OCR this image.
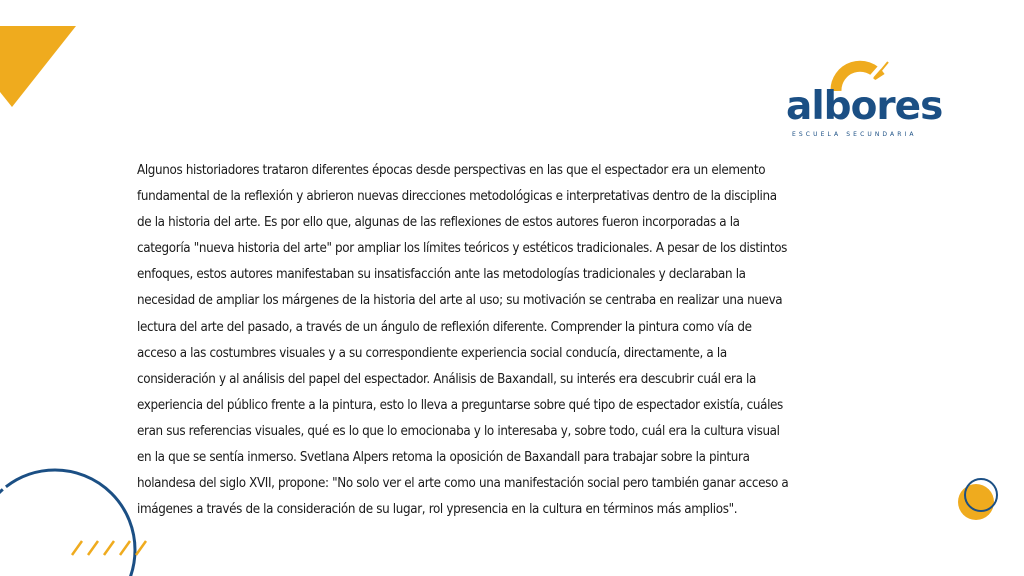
albores
ESCUELA SECUNDARIA

Algunos historiadores trataron diferentes épocas desde perspectivas en las que el espectador era un elemento fundamental de la reflexión y abrieron nuevas direcciones metodológicas e interpretativas dentro de la disciplina de la historia del arte. Es por ello que, algunas de las reflexiones de estos autores fueron incorporadas a la categoría "nueva historia del arte" por ampliar los límites teóricos y estéticos tradicionales. A pesar de los distintos enfoques, estos autores manifestaban su insatisfacción ante las metodologías tradicionales y declaraban la necesidad de ampliar los márgenes de la historia del arte al uso; su motivación se centraba en realizar una nueva lectura del arte del pasado, a través de un ángulo de reflexión diferente. Comprender la pintura como vía de acceso a las costumbres visuales y a su correspondiente experiencia social conducía, directamente, a la consideración y al análisis del papel del espectador. Análisis de Baxandall, su interés era descubrir cuál era la experiencia del público frente a la pintura, esto lo lleva a preguntarse sobre qué tipo de espectador existía, cuáles eran sus referencias visuales, qué es lo que lo emocionaba y lo interesaba y, sobre todo, cuál era la cultura visual en la que se sentía inmerso. Svetlana Alpers retoma la oposición de Baxandall para trabajar sobre la pintura holandesa del siglo XVII, propone: "No solo ver el arte como una manifestación social pero también ganar acceso a imágenes a través de la consideración de su lugar, rol ypresencia en la cultura en términos más amplios".
